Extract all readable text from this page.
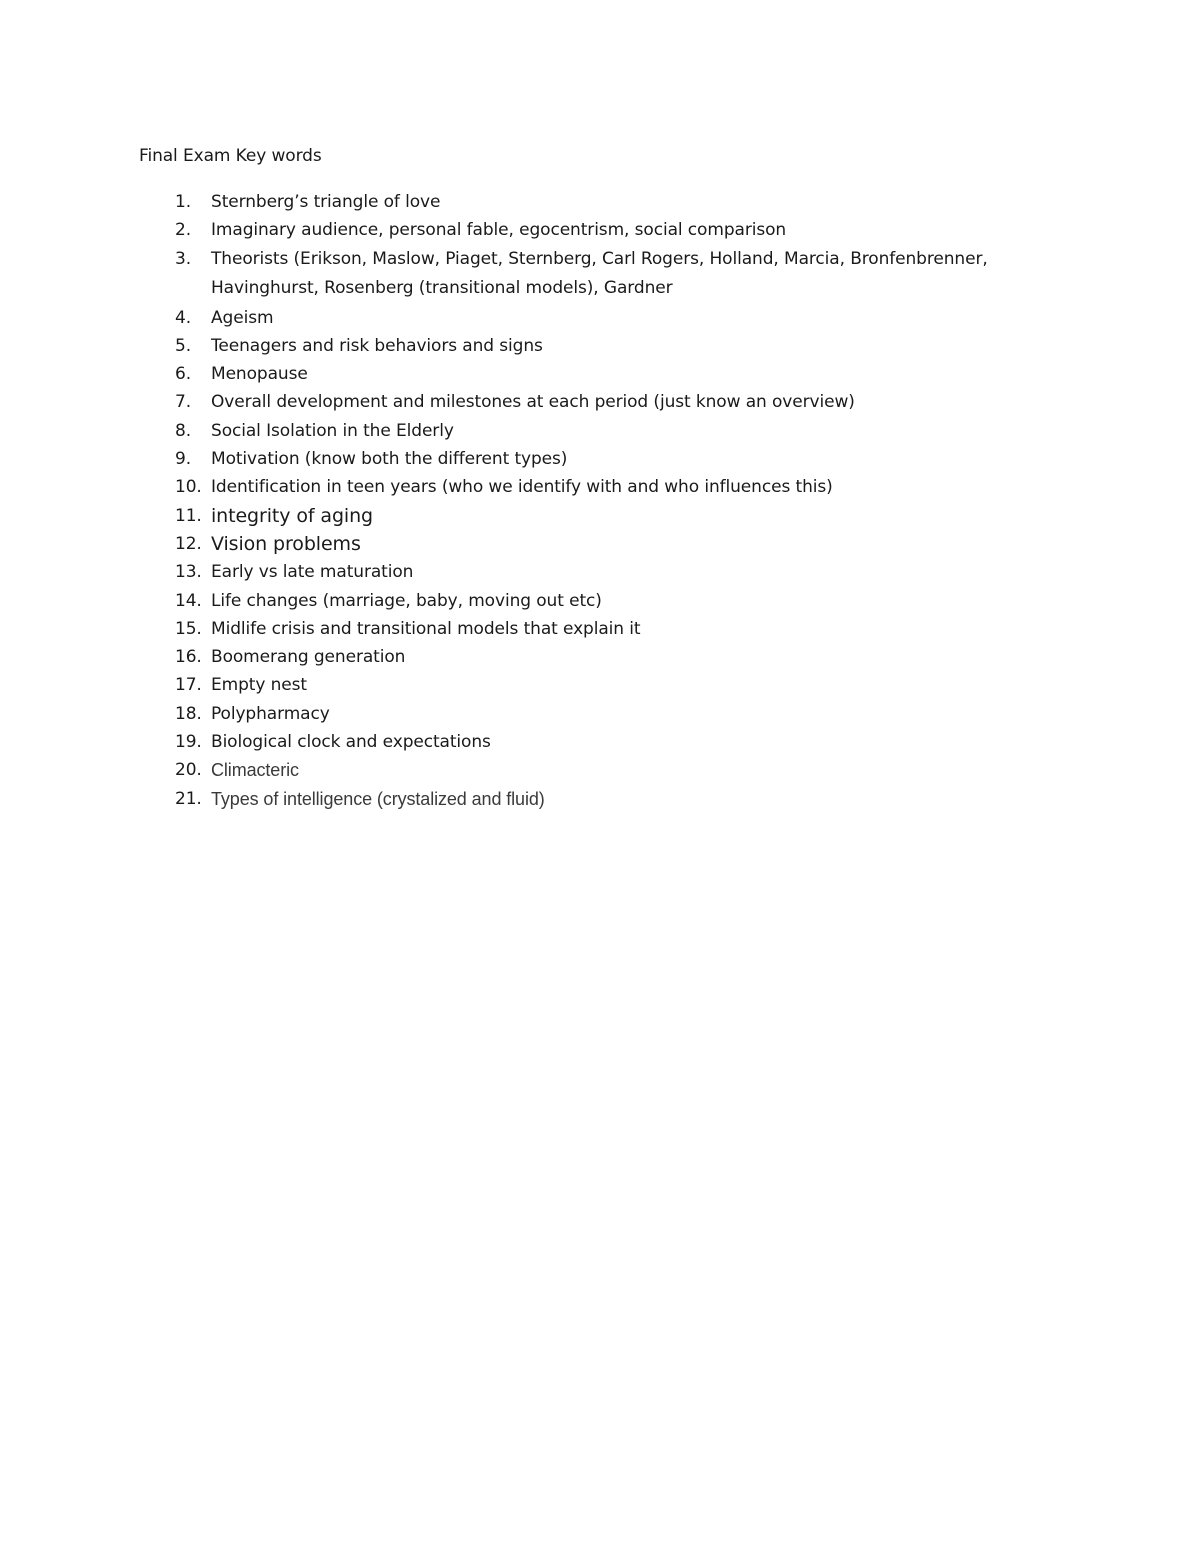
Final Exam Key words
1. Sternberg’s triangle of love
2. Imaginary audience, personal fable, egocentrism, social comparison
3. Theorists (Erikson, Maslow, Piaget, Sternberg, Carl Rogers, Holland, Marcia, Bronfenbrenner, Havinghurst, Rosenberg (transitional models), Gardner
4. Ageism
5. Teenagers and risk behaviors and signs
6. Menopause
7. Overall development and milestones at each period (just know an overview)
8. Social Isolation in the Elderly
9. Motivation (know both the different types)
10. Identification in teen years (who we identify with and who influences this)
11. integrity of aging
12. Vision problems
13. Early vs late maturation
14. Life changes (marriage, baby, moving out etc)
15. Midlife crisis and transitional models that explain it
16. Boomerang generation
17. Empty nest
18. Polypharmacy
19. Biological clock and expectations
20. Climacteric
21. Types of intelligence (crystalized and fluid)
